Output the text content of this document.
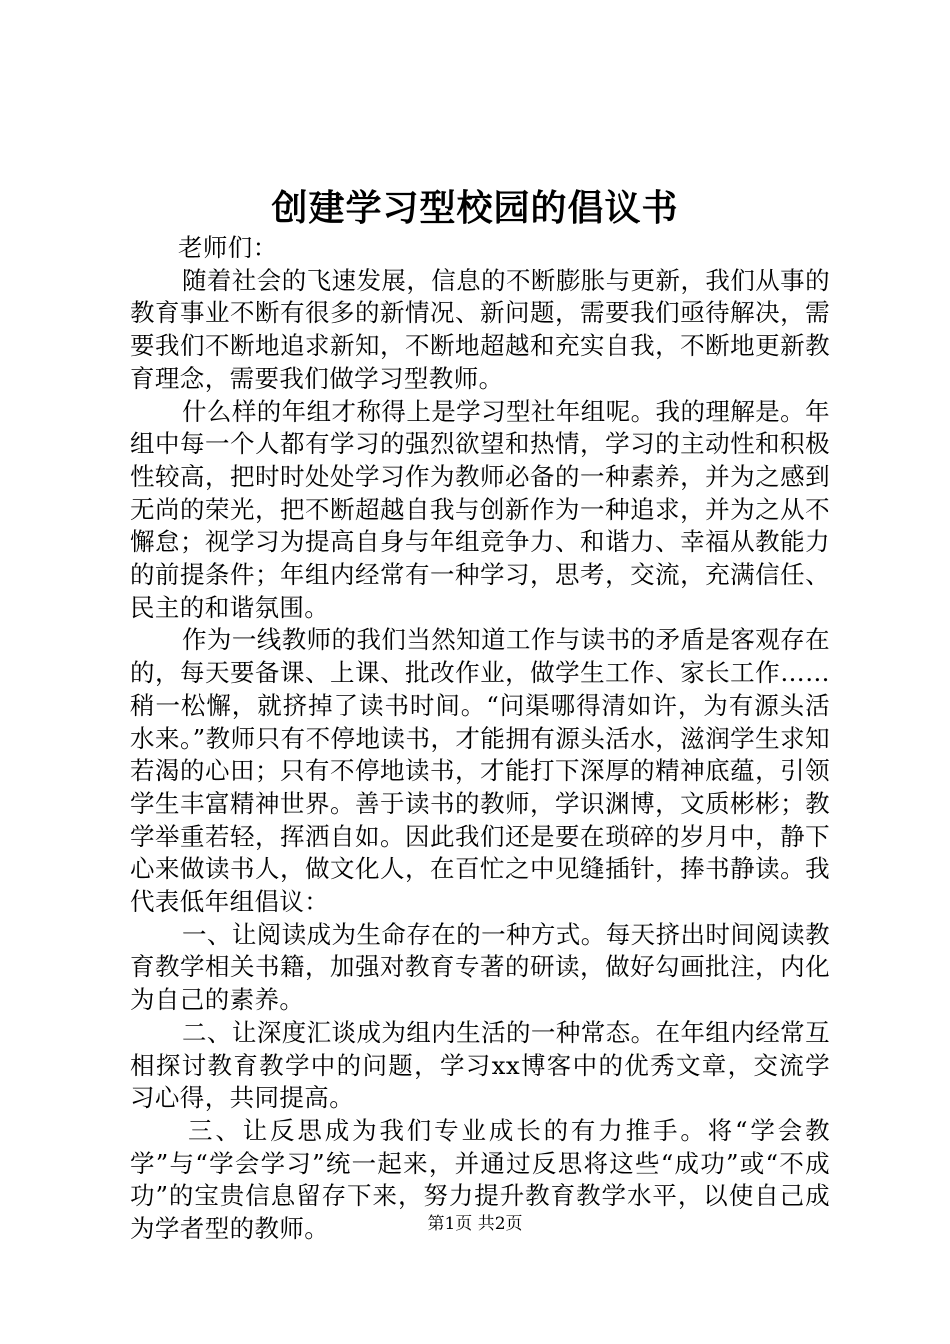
创建学习型校园的倡议书

老师们：

随着社会的飞速发展，信息的不断膨胀与更新，我们从事的教育事业不断有很多的新情况、新问题，需要我们亟待解决，需要我们不断地追求新知，不断地超越和充实自我，不断地更新教育理念，需要我们做学习型教师。

什么样的年组才称得上是学习型社年组呢。我的理解是。年组中每一个人都有学习的强烈欲望和热情，学习的主动性和积极性较高，把时时处处学习作为教师必备的一种素养，并为之感到无尚的荣光，把不断超越自我与创新作为一种追求，并为之从不懈怠；视学习为提高自身与年组竞争力、和谐力、幸福从教能力的前提条件；年组内经常有一种学习，思考，交流，充满信任、民主的和谐氛围。

作为一线教师的我们当然知道工作与读书的矛盾是客观存在的，每天要备课、上课、批改作业，做学生工作、家长工作……稍一松懈，就挤掉了读书时间。“问渠哪得清如许，为有源头活水来。”教师只有不停地读书，才能拥有源头活水，滋润学生求知若渴的心田；只有不停地读书，才能打下深厚的精神底蕴，引领学生丰富精神世界。善于读书的教师，学识渊博，文质彬彬；教学举重若轻，挥洒自如。因此我们还是要在琐碎的岁月中，静下心来做读书人，做文化人，在百忙之中见缝插针，捧书静读。我代表低年组倡议：

一、让阅读成为生命存在的一种方式。每天挤出时间阅读教育教学相关书籍，加强对教育专著的研读，做好勾画批注，内化为自己的素养。

二、让深度汇谈成为组内生活的一种常态。在年组内经常互相探讨教育教学中的问题，学习xx博客中的优秀文章，交流学习心得，共同提高。

三、让反思成为我们专业成长的有力推手。将“学会教学”与“学会学习”统一起来，并通过反思将这些“成功”或“不成功”的宝贵信息留存下来，努力提升教育教学水平，以使自己成为学者型的教师。	第1页 共2页
